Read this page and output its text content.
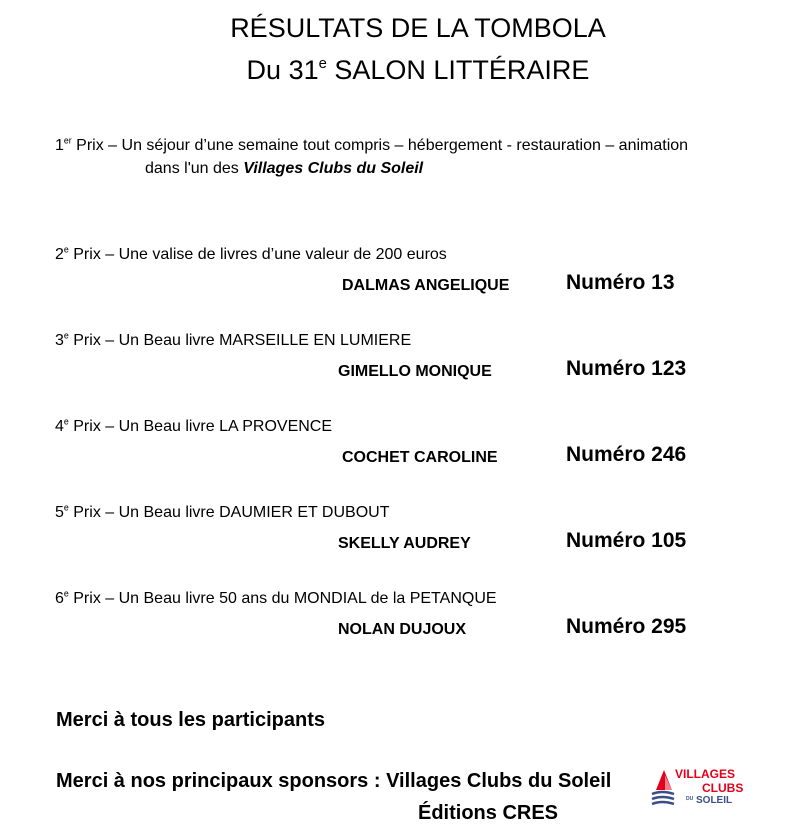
RÉSULTATS DE LA TOMBOLA
Du 31e SALON LITTÉRAIRE
1er Prix – Un séjour d’une semaine tout compris – hébergement - restauration – animation
dans l'un des Villages Clubs du Soleil
2e Prix – Une valise de livres d’une valeur de 200 euros
DALMAS ANGELIQUE	Numéro 13
3e Prix – Un Beau livre MARSEILLE EN LUMIERE
GIMELLO MONIQUE	Numéro 123
4e Prix – Un Beau livre LA PROVENCE
COCHET CAROLINE	Numéro 246
5e Prix – Un Beau livre DAUMIER ET DUBOUT
SKELLY AUDREY	Numéro 105
6e Prix – Un Beau livre 50 ans du MONDIAL de la PETANQUE
NOLAN DUJOUX	Numéro 295
Merci à tous les participants
Merci à nos principaux sponsors : Villages Clubs du Soleil
Éditions CRES
VILLAGES
CLUBS
DU SOLEIL
